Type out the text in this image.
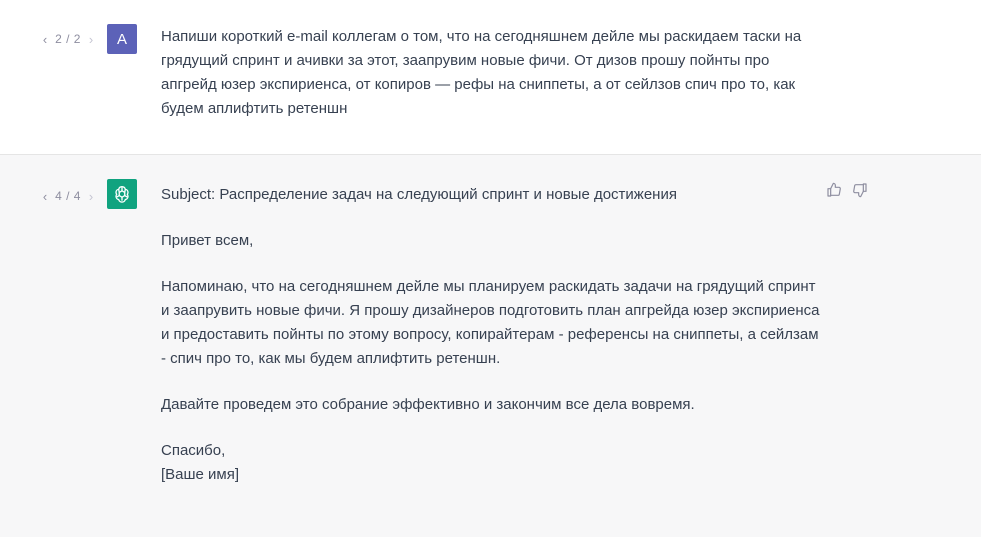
‹ 2 / 2 › A Напиши короткий e-mail коллегам о том, что на сегодняшнем дейле мы раскидаем таски на грядущий спринт и ачивки за этот, заапрувим новые фичи. От дизов прошу пойнты про апгрейд юзер экспириенса, от копиров — рефы на сниппеты, а от сейлзов спич про то, как будем аплифтить ретеншн

‹ 4 / 4 ›	Subject: Распределение задач на следующий спринт и новые достижения

Привет всем,

Напоминаю, что на сегодняшнем дейле мы планируем раскидать задачи на грядущий спринт и заапрувить новые фичи. Я прошу дизайнеров подготовить план апгрейда юзер экспириенса и предоставить пойнты по этому вопросу, копирайтерам - референсы на сниппеты, а сейлзам - спич про то, как мы будем аплифтить ретеншн.

Давайте проведем это собрание эффективно и закончим все дела вовремя.

Спасибо,

[Ваше имя]
